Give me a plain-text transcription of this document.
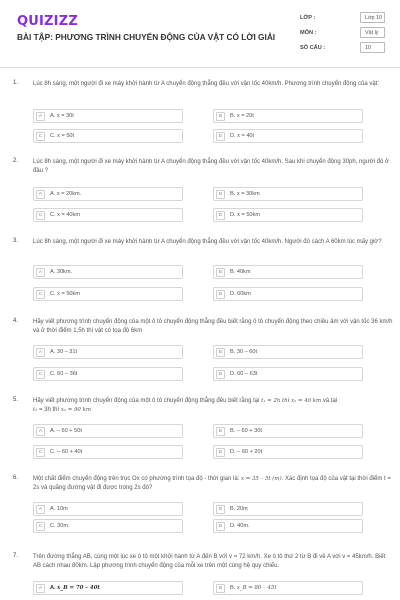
QUIZIZZ
BÀI TẬP: PHƯƠNG TRÌNH CHUYỂN ĐỘNG CỦA VẬT CÓ LỜI GIẢI
LỚP :	Lớp 10
MÔN :	Vật lý
SỐ CÂU :	10
1. Lúc 8h sáng, một người đi xe máy khởi hành từ A chuyển động thẳng đều với vận tốc 40km/h. Phương trình chuyển động của vật:
A	A. x = 30t	B	B. x = 20t
C	C. x = 50t	D	D. x = 40t
2. Lúc 8h sáng, một người đi xe máy khởi hành từ A chuyển động thẳng đều với vận tốc 40km/h. Sau khi chuyển động 30ph, người đó ở đâu ?
A	A. x = 20km.	B	B. x = 30km
C	C. x = 40km	D	D. x = 50km
3. Lúc 8h sáng, một người đi xe máy khởi hành từ A chuyển động thẳng đều với vận tốc 40km/h. Người đó cách A 60km lúc mấy giờ?
A	A. 30km.	B	B. 40km
C	C. x = 50km	D	D. 60km
4. Hãy viết phương trình chuyển động của một ô tô chuyển động thẳng đều biết rằng ô tô chuyển động theo chiều âm với vận tốc 36 km/h và ở thời điểm 1,5h thì vật có tọa độ 6km
A	A. 30 – 31t	B	B. 30 – 60t
C	C. 60 – 36t	D	D. 60 – 63t
5. Hãy viết phương trình chuyển động của một ô tô chuyển động thẳng đều biết rằng tại t₁ = 2h thì x₁ = 40 km và tại
t₂ = 3h thì x₂ = 90 km
A	A. – 60 + 50t	B	B. – 60 + 30t
C	C. – 60 + 40t	D	D. – 60 + 20t
6. Một chất điểm chuyển động trên trục Ox có phương trình tọa độ - thời gian là: x = 35 – 5t (m). Xác định tọa độ của vật tại thời điểm t = 2s và quãng đường vật đi được trong 2s đó?
A	A. 10m	B	B. 20m
C	C. 30m.	D	D. 40m.
7. Trên đường thẳng AB, cùng một lúc xe ô tô một khởi hành từ A đến B với v = 72 km/h. Xe ô tô thứ 2 từ B đi về A với v = 45km/h. Biết AB cách nhau 80km. Lập phương trình chuyển động của mỗi xe trên một cùng hệ quy chiếu.
A	A. x_B = 70 – 40t	B	B. x_B = 80 – 45t
